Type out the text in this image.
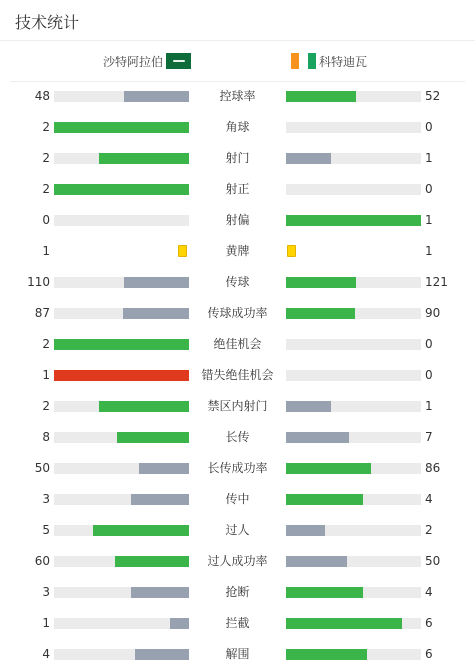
技术统计
沙特阿拉伯	科特迪瓦
48	控球率	52
2	角球	0
2	射门	1
2	射正	0
0	射偏	1
1	黄牌	1
110	传球	121
87	传球成功率	90
2	绝佳机会	0
1	错失绝佳机会	0
2	禁区内射门	1
8	长传	7
50	长传成功率	86
3	传中	4
5	过人	2
60	过人成功率	50
3	抢断	4
1	拦截	6
4	解围	6
